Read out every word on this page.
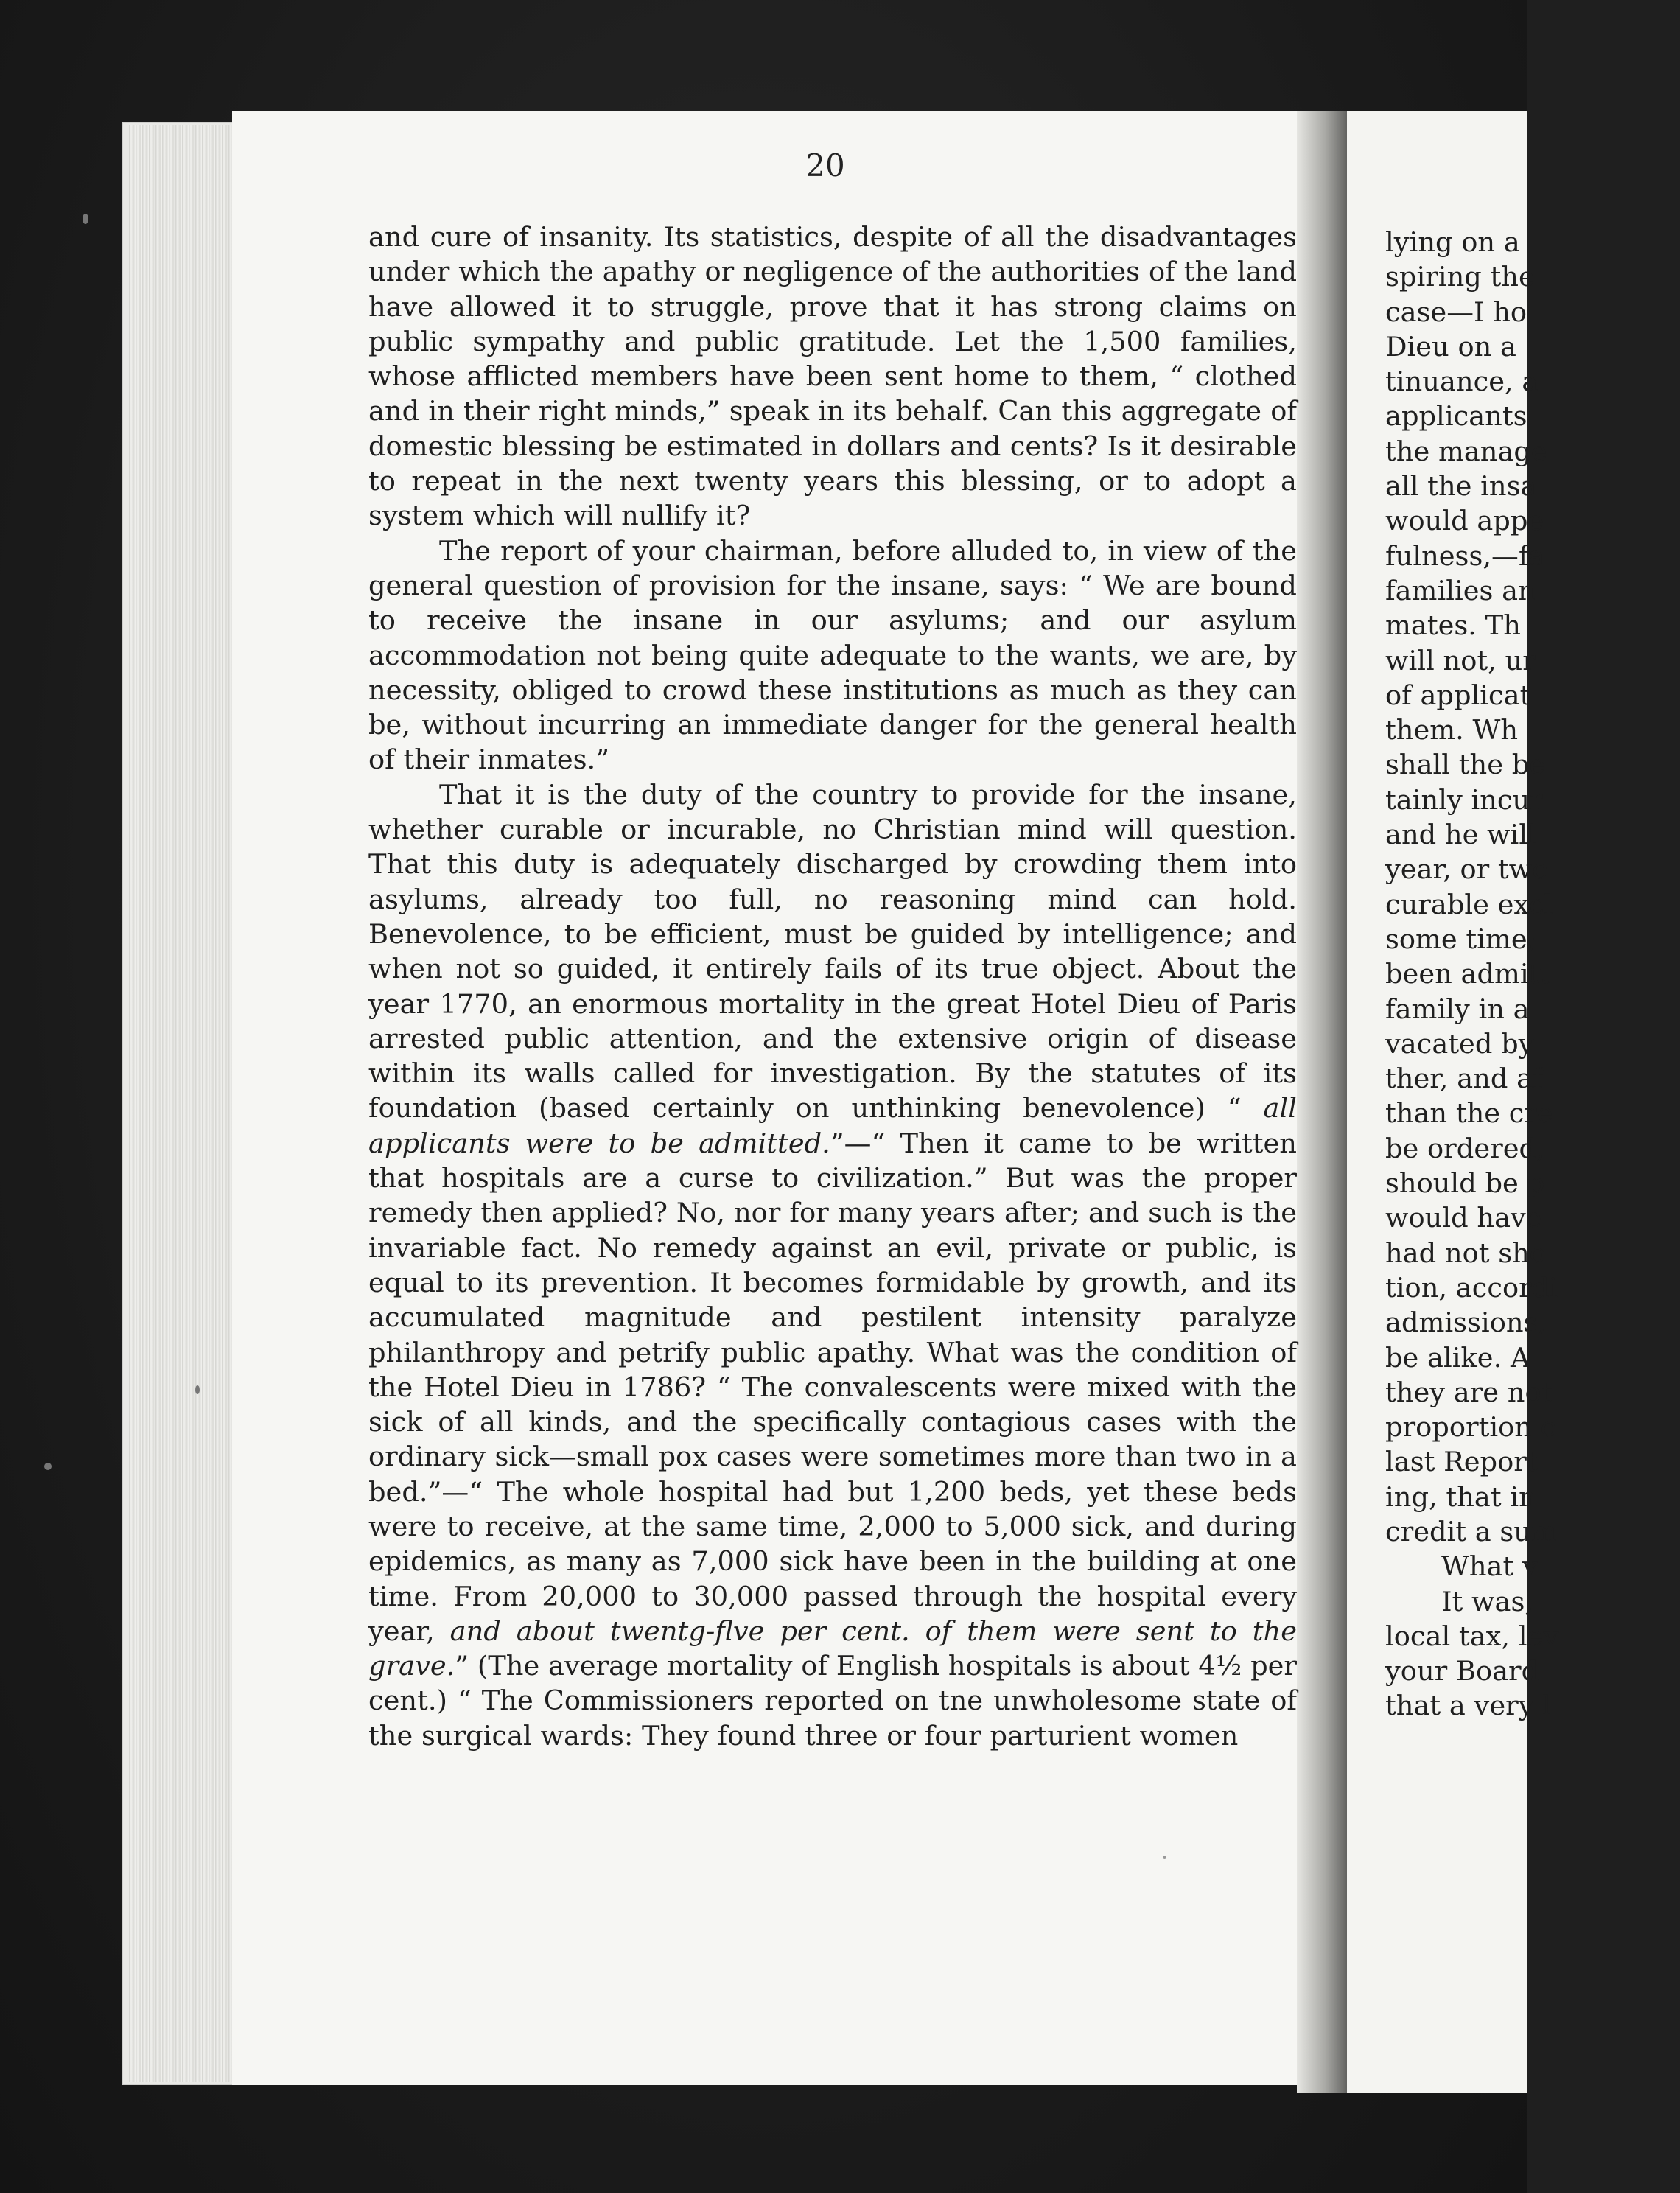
20

and cure of insanity. Its statistics, despite of all the disadvantages under which the apathy or negligence of the authorities of the land have allowed it to struggle, prove that it has strong claims on public sympathy and public gratitude. Let the 1,500 families, whose afflicted members have been sent home to them, “ clothed and in their right minds,” speak in its behalf. Can this aggregate of domestic blessing be estimated in dollars and cents? Is it desirable to repeat in the next twenty years this blessing, or to adopt a system which will nullify it?

The report of your chairman, before alluded to, in view of the general question of provision for the insane, says: “ We are bound to receive the insane in our asylums; and our asylum accommodation not being quite adequate to the wants, we are, by necessity, obliged to crowd these institutions as much as they can be, without incurring an immediate danger for the general health of their inmates.”

That it is the duty of the country to provide for the insane, whether curable or incurable, no Christian mind will question. That this duty is adequately discharged by crowding them into asylums, already too full, no reasoning mind can hold. Benevolence, to be efficient, must be guided by intelligence; and when not so guided, it entirely fails of its true object. About the year 1770, an enormous mortality in the great Hotel Dieu of Paris arrested public attention, and the extensive origin of disease within its walls called for investigation. By the statutes of its foundation (based certainly on unthinking benevolence) “ all applicants were to be admitted.”—“ Then it came to be written that hospitals are a curse to civilization.” But was the proper remedy then applied? No, nor for many years after; and such is the invariable fact. No remedy against an evil, private or public, is equal to its prevention. It becomes formidable by growth, and its accumulated magnitude and pestilent intensity paralyze philanthropy and petrify public apathy. What was the condition of the Hotel Dieu in 1786? “ The convalescents were mixed with the sick of all kinds, and the specifically contagious cases with the ordinary sick—small pox cases were sometimes more than two in a bed.”—“ The whole hospital had but 1,200 beds, yet these beds were to receive, at the same time, 2,000 to 5,000 sick, and during epidemics, as many as 7,000 sick have been in the building at one time. From 20,000 to 30,000 passed through the hospital every year, and about twentg-flve per cent. of them were sent to the grave.” (The average mortality of English hospitals is about 4½ per cent.) “ The Commissioners reported on tne unwholesome state of the surgical wards: They found three or four parturient women

lying on a
spiring the
case—I ho
Dieu on a
tinuance, a
applicants
the manage
all the insa
would appe
fulness,—fa
families an
mates. Th
will not, ur
of applicat
them. Wh
shall the be
tainly incur
and he will
year, or two
curable excl
some time;
been admitt
family in a
vacated by
ther, and af
than the cre
be ordered,
should be p
would have
had not sho
tion, accordi
admissions,
be alike. A
they are not
proportion o
last Report
ing, that in
credit a sum
What v
It was,
local tax, lev
your Board
that a very l
